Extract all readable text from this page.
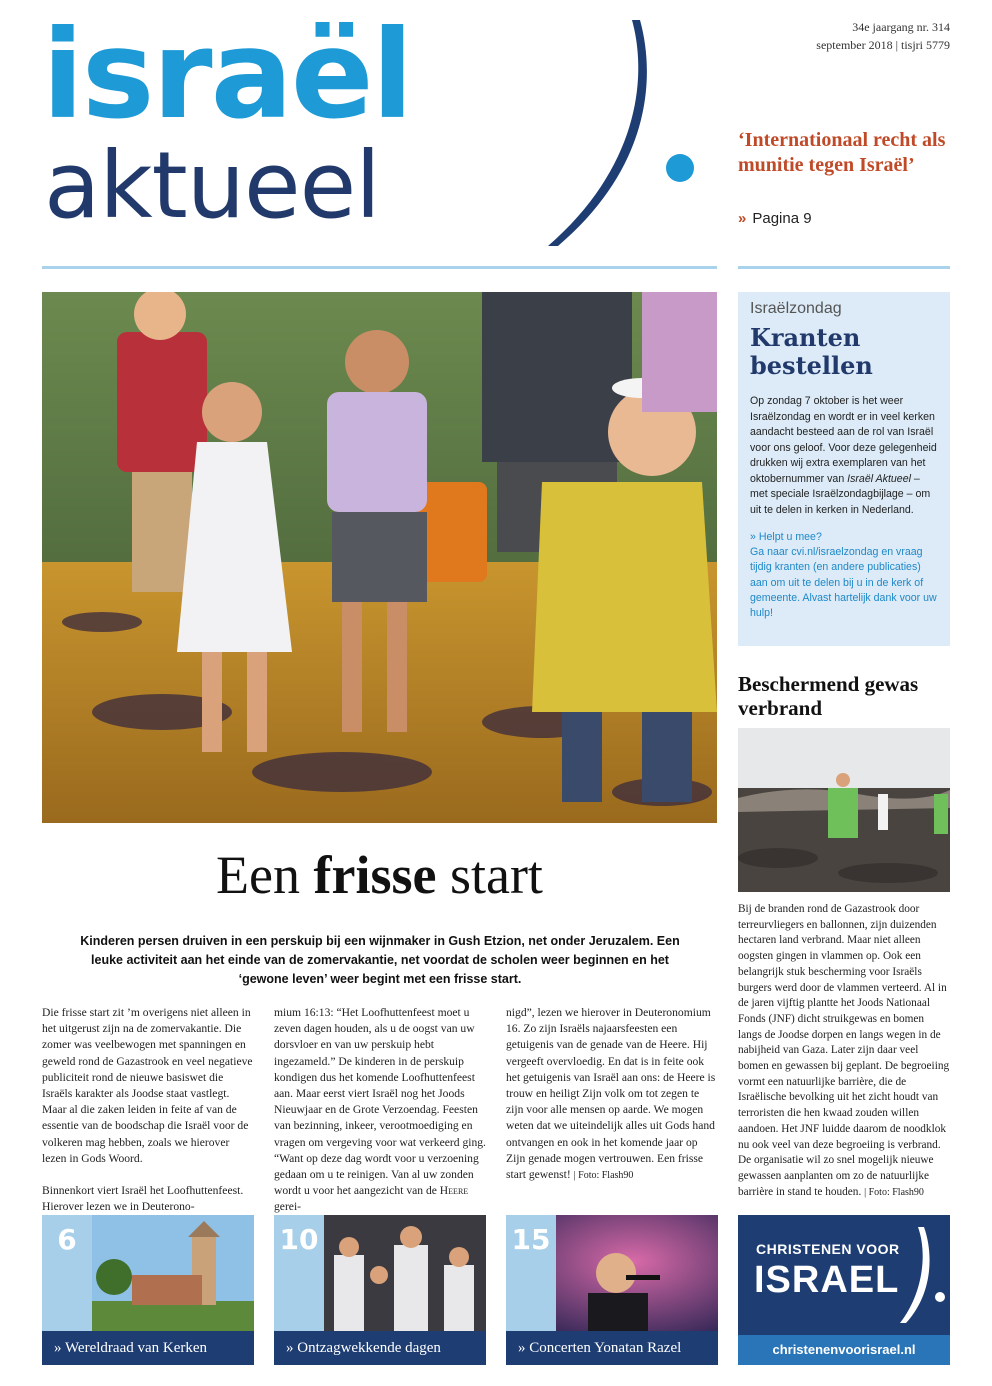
israël
aktueel
34e jaargang nr. 314
september 2018 | tisjri 5779
‘Internationaal recht als munitie tegen Israël’
» Pagina 9
Een frisse start
Kinderen persen druiven in een perskuip bij een wijnmaker in Gush Etzion, net onder Jeruzalem. Een leuke activiteit aan het einde van de zomervakantie, net voordat de scholen weer beginnen en het ‘gewone leven’ weer begint met een frisse start.

Die frisse start zit ’m overigens niet alleen in het uitgerust zijn na de zomervakantie. Die zomer was veelbewogen met spanningen en geweld rond de Gazastrook en veel negatieve publiciteit rond de nieuwe basiswet die Israëls karakter als Joodse staat vastlegt. Maar al die zaken leiden in feite af van de essentie van de boodschap die Israël voor de volkeren mag hebben, zoals we hierover lezen in Gods Woord.

Binnenkort viert Israël het Loofhuttenfeest. Hierover lezen we in Deuterono-

mium 16:13: “Het Loofhuttenfeest moet u zeven dagen houden, als u de oogst van uw dorsvloer en van uw perskuip hebt ingezameld.” De kinderen in de perskuip kondigen dus het komende Loofhuttenfeest aan. Maar eerst viert Israël nog het Joods Nieuwjaar en de Grote Verzoendag. Feesten van bezinning, inkeer, verootmoediging en vragen om vergeving voor wat verkeerd ging. “Want op deze dag wordt voor u verzoening gedaan om u te reinigen. Van al uw zonden wordt u voor het aangezicht van de Heere gerei-

nigd”, lezen we hierover in Deuteronomium 16. Zo zijn Israëls najaarsfeesten een getuigenis van de genade van de Heere. Hij vergeeft overvloedig. En dat is in feite ook het getuigenis van Israël aan ons: de Heere is trouw en heiligt Zijn volk om tot zegen te zijn voor alle mensen op aarde. We mogen weten dat we uiteindelijk alles uit Gods hand ontvangen en ook in het komende jaar op Zijn genade mogen vertrouwen. Een frisse start gewenst! | Foto: Flash90

Israëlzondag
Kranten bestellen
Op zondag 7 oktober is het weer Israëlzondag en wordt er in veel kerken aandacht besteed aan de rol van Israël voor ons geloof. Voor deze gelegenheid drukken wij extra exemplaren van het oktobernummer van Israël Aktueel – met speciale Israëlzondagbijlage – om uit te delen in kerken in Nederland.
» Helpt u mee?
Ga naar cvi.nl/israelzondag en vraag tijdig kranten (en andere publicaties) aan om uit te delen bij u in de kerk of gemeente. Alvast hartelijk dank voor uw hulp!
Beschermend gewas verbrand
Bij de branden rond de Gazastrook door terreurvliegers en ballonnen, zijn duizenden hectaren land verbrand. Maar niet alleen oogsten gingen in vlammen op. Ook een belangrijk stuk bescherming voor Israëls burgers werd door de vlammen verteerd. Al in de jaren vijftig plantte het Joods Nationaal Fonds (JNF) dicht struikgewas en bomen langs de Joodse dorpen en langs wegen in de nabijheid van Gaza. Later zijn daar veel bomen en gewassen bij geplant. De begroeiing vormt een natuurlijke barrière, die de Israëlische bevolking uit het zicht houdt van terroristen die hen kwaad zouden willen aandoen. Het JNF luidde daarom de noodklok nu ook veel van deze begroeiing is verbrand. De organisatie wil zo snel mogelijk nieuwe gewassen aanplanten om zo de natuurlijke barrière in stand te houden. | Foto: Flash90
6
» Wereldraad van Kerken
10
» Ontzagwekkende dagen
15
» Concerten Yonatan Razel
CHRISTENEN VOOR
ISRAEL
christenenvoorisrael.nl
